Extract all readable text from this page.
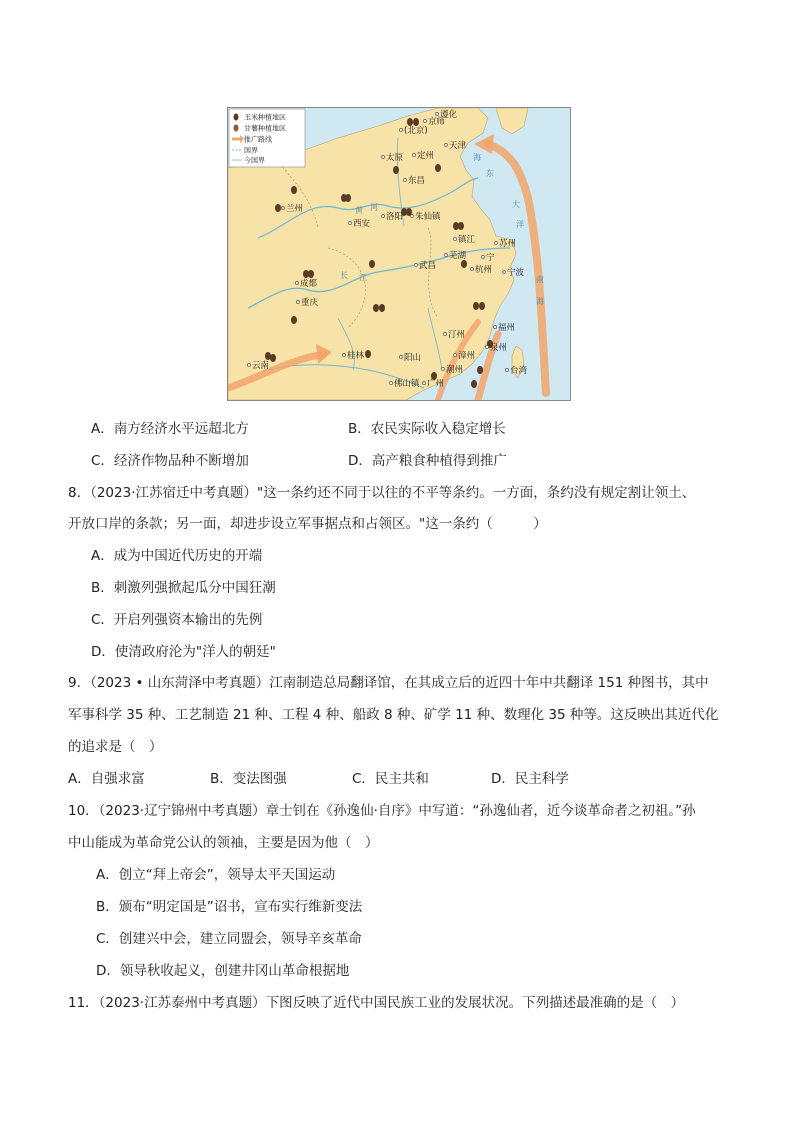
玉米种植地区
甘薯种植地区
推广路线
国界
今国界
京师
(北京)
遵化
天津
太原 定州
东昌
兰州
洛阳 朱仙镇
西安
镇江	苏州
芜湖 宁
杭州 宁波
武昌
成都
重庆
汀州
福州
泉州
漳州
桂林	阳山
云南	潮州
佛山镇 广州
台湾
海
东
大
洋
南
海
黄 河
长 江
A．南方经济水平远超北方	B．农民实际收入稳定增长
C．经济作物品种不断增加	D．高产粮食种植得到推广
8．（2023·江苏宿迁中考真题）"这一条约还不同于以往的不平等条约。一方面，条约没有规定割让领土、
开放口岸的条款；另一面，却进步设立军事据点和占领区。"这一条约（　　　）
A．成为中国近代历史的开端
B．刺激列强掀起瓜分中国狂潮
C．开启列强资本输出的先例
D．使清政府沦为"洋人的朝廷"
9．（2023 • 山东菏泽中考真题）江南制造总局翻译馆，在其成立后的近四十年中共翻译 151 种图书，其中
军事科学 35 种、工艺制造 21 种、工程 4 种、船政 8 种、矿学 11 种、数理化 35 种等。这反映出其近代化
的追求是（　）
A．自强求富	B．变法图强	C．民主共和	D．民主科学
10．（2023·辽宁锦州中考真题）章士钊在《孙逸仙·自序》中写道：“孙逸仙者，近今谈革命者之初祖。”孙
中山能成为革命党公认的领袖，主要是因为他（　）
A．创立“拜上帝会”，领导太平天国运动
B．颁布“明定国是”诏书，宣布实行维新变法
C．创建兴中会，建立同盟会，领导辛亥革命
D．领导秋收起义，创建井冈山革命根据地
11．（2023·江苏泰州中考真题）下图反映了近代中国民族工业的发展状况。下列描述最准确的是（　）
